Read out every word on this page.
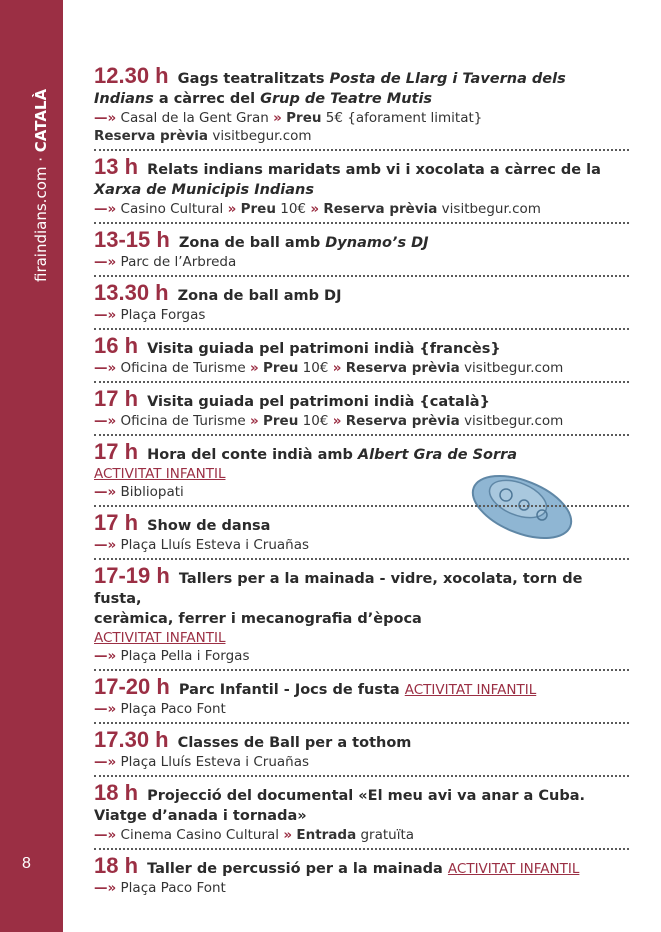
firaindians.com · CATALÀ
8
12.30 h Gags teatralitzats Posta de Llarg i Taverna dels
Indians a càrrec del Grup de Teatre Mutis
—» Casal de la Gent Gran » Preu 5€ {aforament limitat}
Reserva prèvia visitbegur.com
13 h Relats indians maridats amb vi i xocolata a càrrec de la
Xarxa de Municipis Indians
—» Casino Cultural » Preu 10€ » Reserva prèvia visitbegur.com
13-15 h Zona de ball amb Dynamo’s DJ
—» Parc de l’Arbreda
13.30 h Zona de ball amb DJ
—» Plaça Forgas
16 h Visita guiada pel patrimoni indià {francès}
—» Oficina de Turisme » Preu 10€ » Reserva prèvia visitbegur.com
17 h Visita guiada pel patrimoni indià {català}
—» Oficina de Turisme » Preu 10€ » Reserva prèvia visitbegur.com
17 h Hora del conte indià amb Albert Gra de Sorra
ACTIVITAT INFANTIL
—» Bibliopati
17 h Show de dansa
—» Plaça Lluís Esteva i Cruañas
17-19 h Tallers per a la mainada - vidre, xocolata, torn de fusta,
ceràmica, ferrer i mecanografia d’època
ACTIVITAT INFANTIL
—» Plaça Pella i Forgas
17-20 h Parc Infantil - Jocs de fusta ACTIVITAT INFANTIL
—» Plaça Paco Font
17.30 h Classes de Ball per a tothom
—» Plaça Lluís Esteva i Cruañas
18 h Projecció del documental «El meu avi va anar a Cuba.
Viatge d’anada i tornada»
—» Cinema Casino Cultural » Entrada gratuïta
18 h Taller de percussió per a la mainada ACTIVITAT INFANTIL
—» Plaça Paco Font
